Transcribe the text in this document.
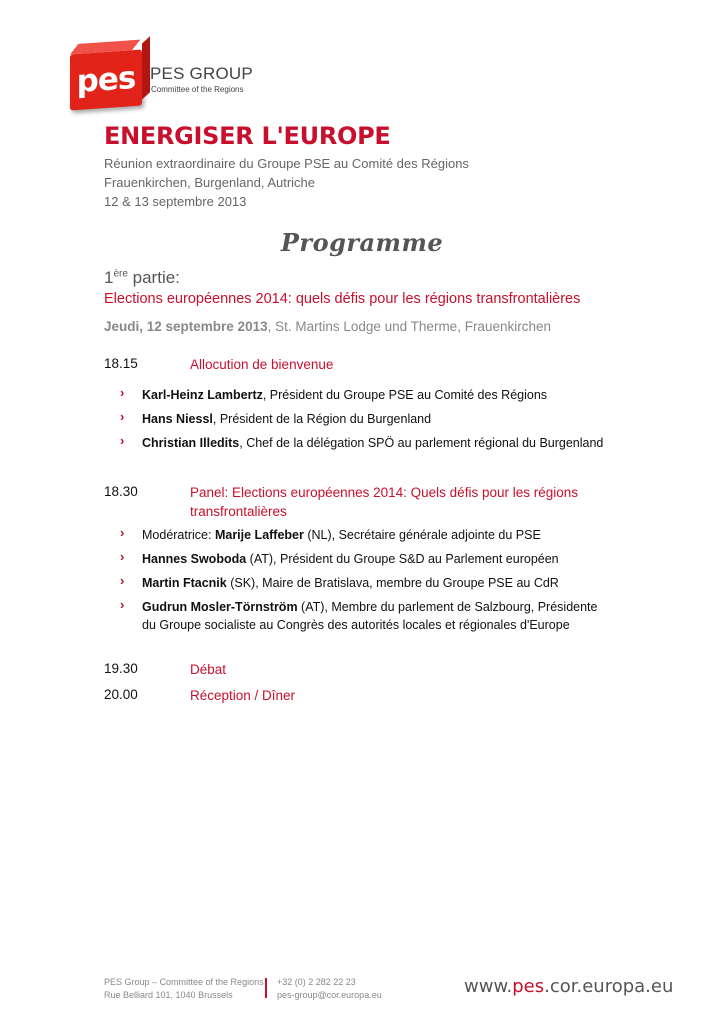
pes PES GROUP
Committee of the Regions
ENERGISER L'EUROPE
Réunion extraordinaire du Groupe PSE au Comité des Régions
Frauenkirchen, Burgenland, Autriche
12 & 13 septembre 2013
Programme
1ère partie:
Elections européennes 2014: quels défis pour les régions transfrontalières
Jeudi, 12 septembre 2013, St. Martins Lodge und Therme, Frauenkirchen
18.15	Allocution de bienvenue
› Karl-Heinz Lambertz, Président du Groupe PSE au Comité des Régions
› Hans Niessl, Président de la Région du Burgenland
› Christian Illedits, Chef de la délégation SPÖ au parlement régional du Burgenland
18.30	Panel: Elections européennes 2014: Quels défis pour les régions transfrontalières
› Modératrice: Marije Laffeber (NL), Secrétaire générale adjointe du PSE
› Hannes Swoboda (AT), Président du Groupe S&D au Parlement européen
› Martin Ftacnik (SK), Maire de Bratislava, membre du Groupe PSE au CdR
› Gudrun Mosler-Törnström (AT), Membre du parlement de Salzbourg, Présidente du Groupe socialiste au Congrès des autorités locales et régionales d'Europe
19.30	Débat
20.00	Réception / Dîner
PES Group – Committee of the Regions
Rue Belliard 101, 1040 Brussels
+32 (0) 2 282 22 23
pes-group@cor.europa.eu	www.pes.cor.europa.eu
